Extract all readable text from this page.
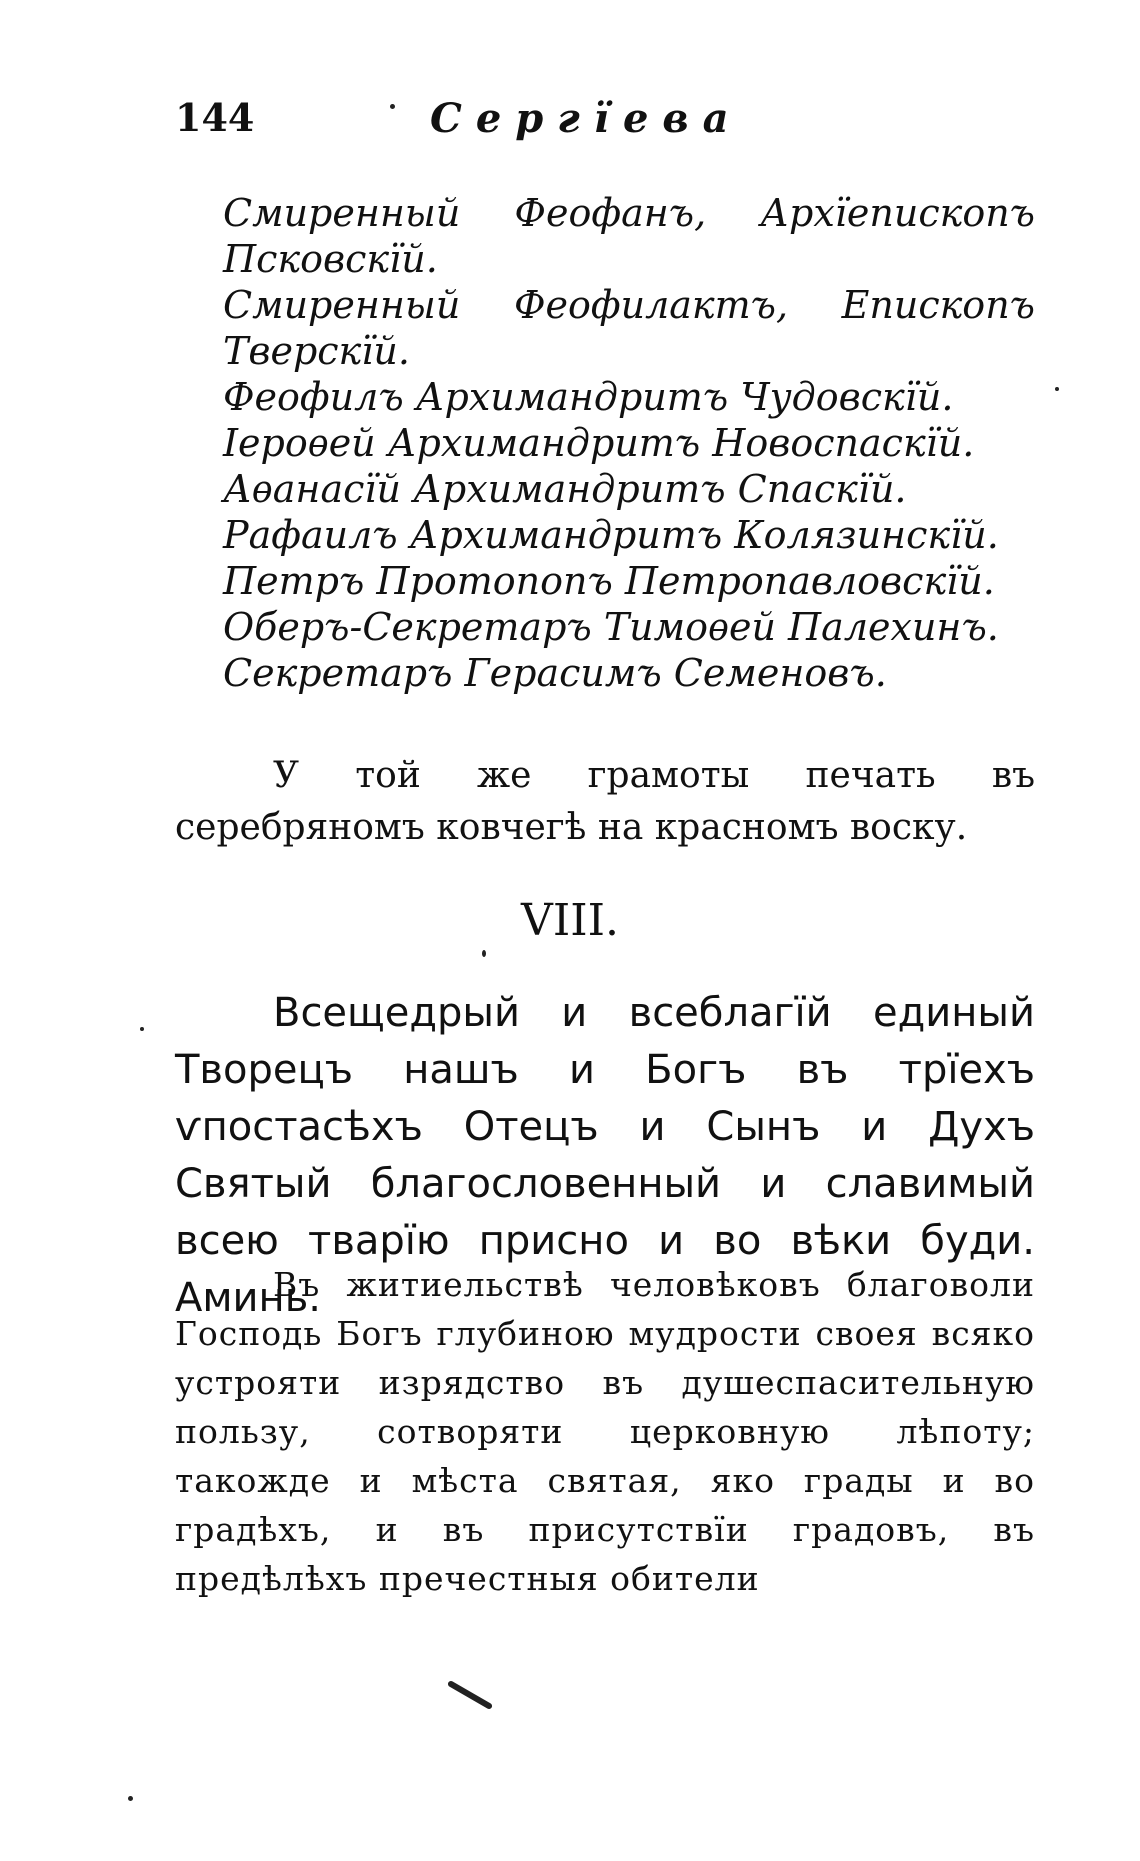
144	Сергїева

Смиренный Феофанъ, Архїепископъ Псковскїй.

Смиренный Феофилактъ, Епископъ Тверскїй.

Феофилъ Архимандритъ Чудовскїй.

Іероѳей Архимандритъ Новоспаскїй.

Аѳанасїй Архимандритъ Спаскїй.

Рафаилъ Архимандритъ Колязинскїй.

Петръ Протопопъ Петропавловскїй.

Оберъ-Секретаръ Тимоѳей Палехинъ.

Секретаръ Герасимъ Семеновъ.

У той же грамоты печать въ серебряномъ ковчегѣ на красномъ воску.

VIII.

Всещедрый и всеблагїй единый Творецъ нашъ и Богъ въ трїехъ ѵпостасѣхъ Отецъ и Сынъ и Духъ Святый благословенный и славимый всею тварїю присно и во вѣки буди. Аминь.

Въ житиельствѣ человѣковъ благоволи Господь Богъ глубиною мудрости своея всяко устрояти изрядство въ душеспасительную пользу, сотворяти церковную лѣпоту; такожде и мѣста святая, яко грады и во градѣхъ, и въ присутствїи градовъ, въ предѣлѣхъ пречестныя обители
